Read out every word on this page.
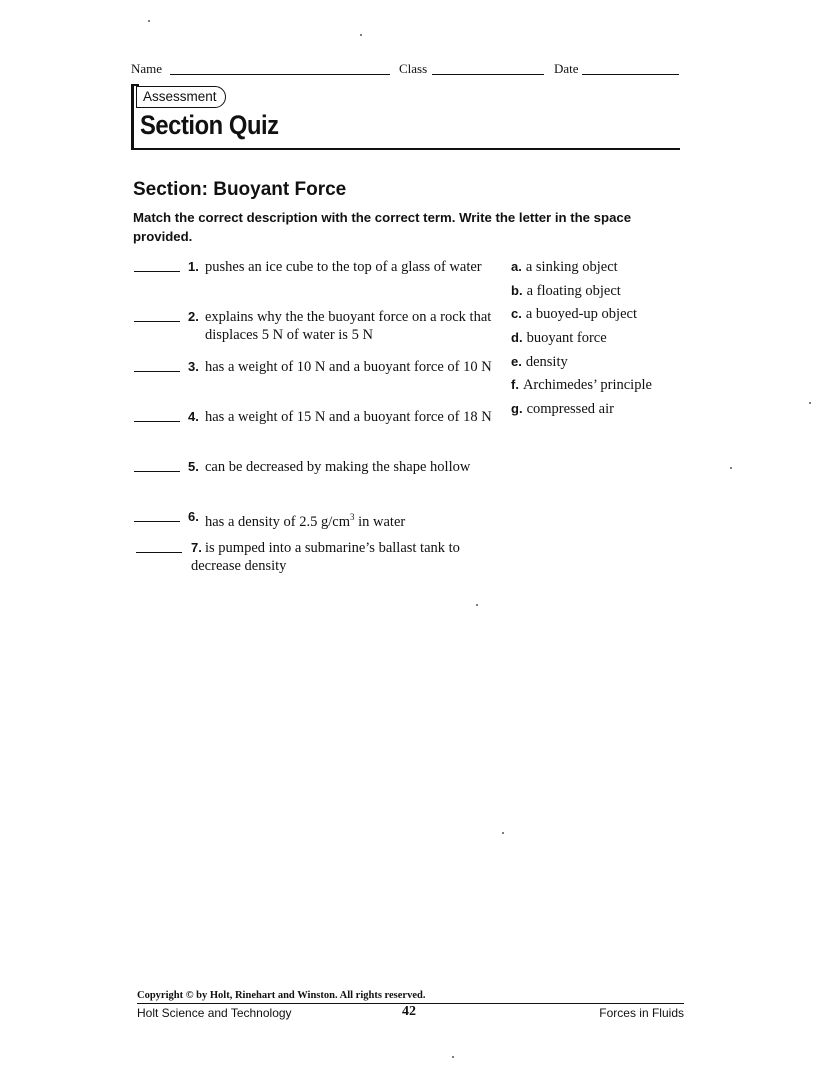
Name	Class	Date
Assessment
Section Quiz
Section: Buoyant Force
Match the correct description with the correct term. Write the letter in the space provided.
1. pushes an ice cube to the top of a glass of water
2. explains why the the buoyant force on a rock that displaces 5 N of water is 5 N
3. has a weight of 10 N and a buoyant force of 10 N
4. has a weight of 15 N and a buoyant force of 18 N
5. can be decreased by making the shape hollow
6. has a density of 2.5 $g/cm^3$ in water
7. is pumped into a submarine’s ballast tank to decrease density
a. a sinking object
b. a floating object
c. a buoyed-up object
d. buoyant force
e. density
f. Archimedes’ principle
g. compressed air
Copyright © by Holt, Rinehart and Winston. All rights reserved.
Holt Science and Technology	42	Forces in Fluids
